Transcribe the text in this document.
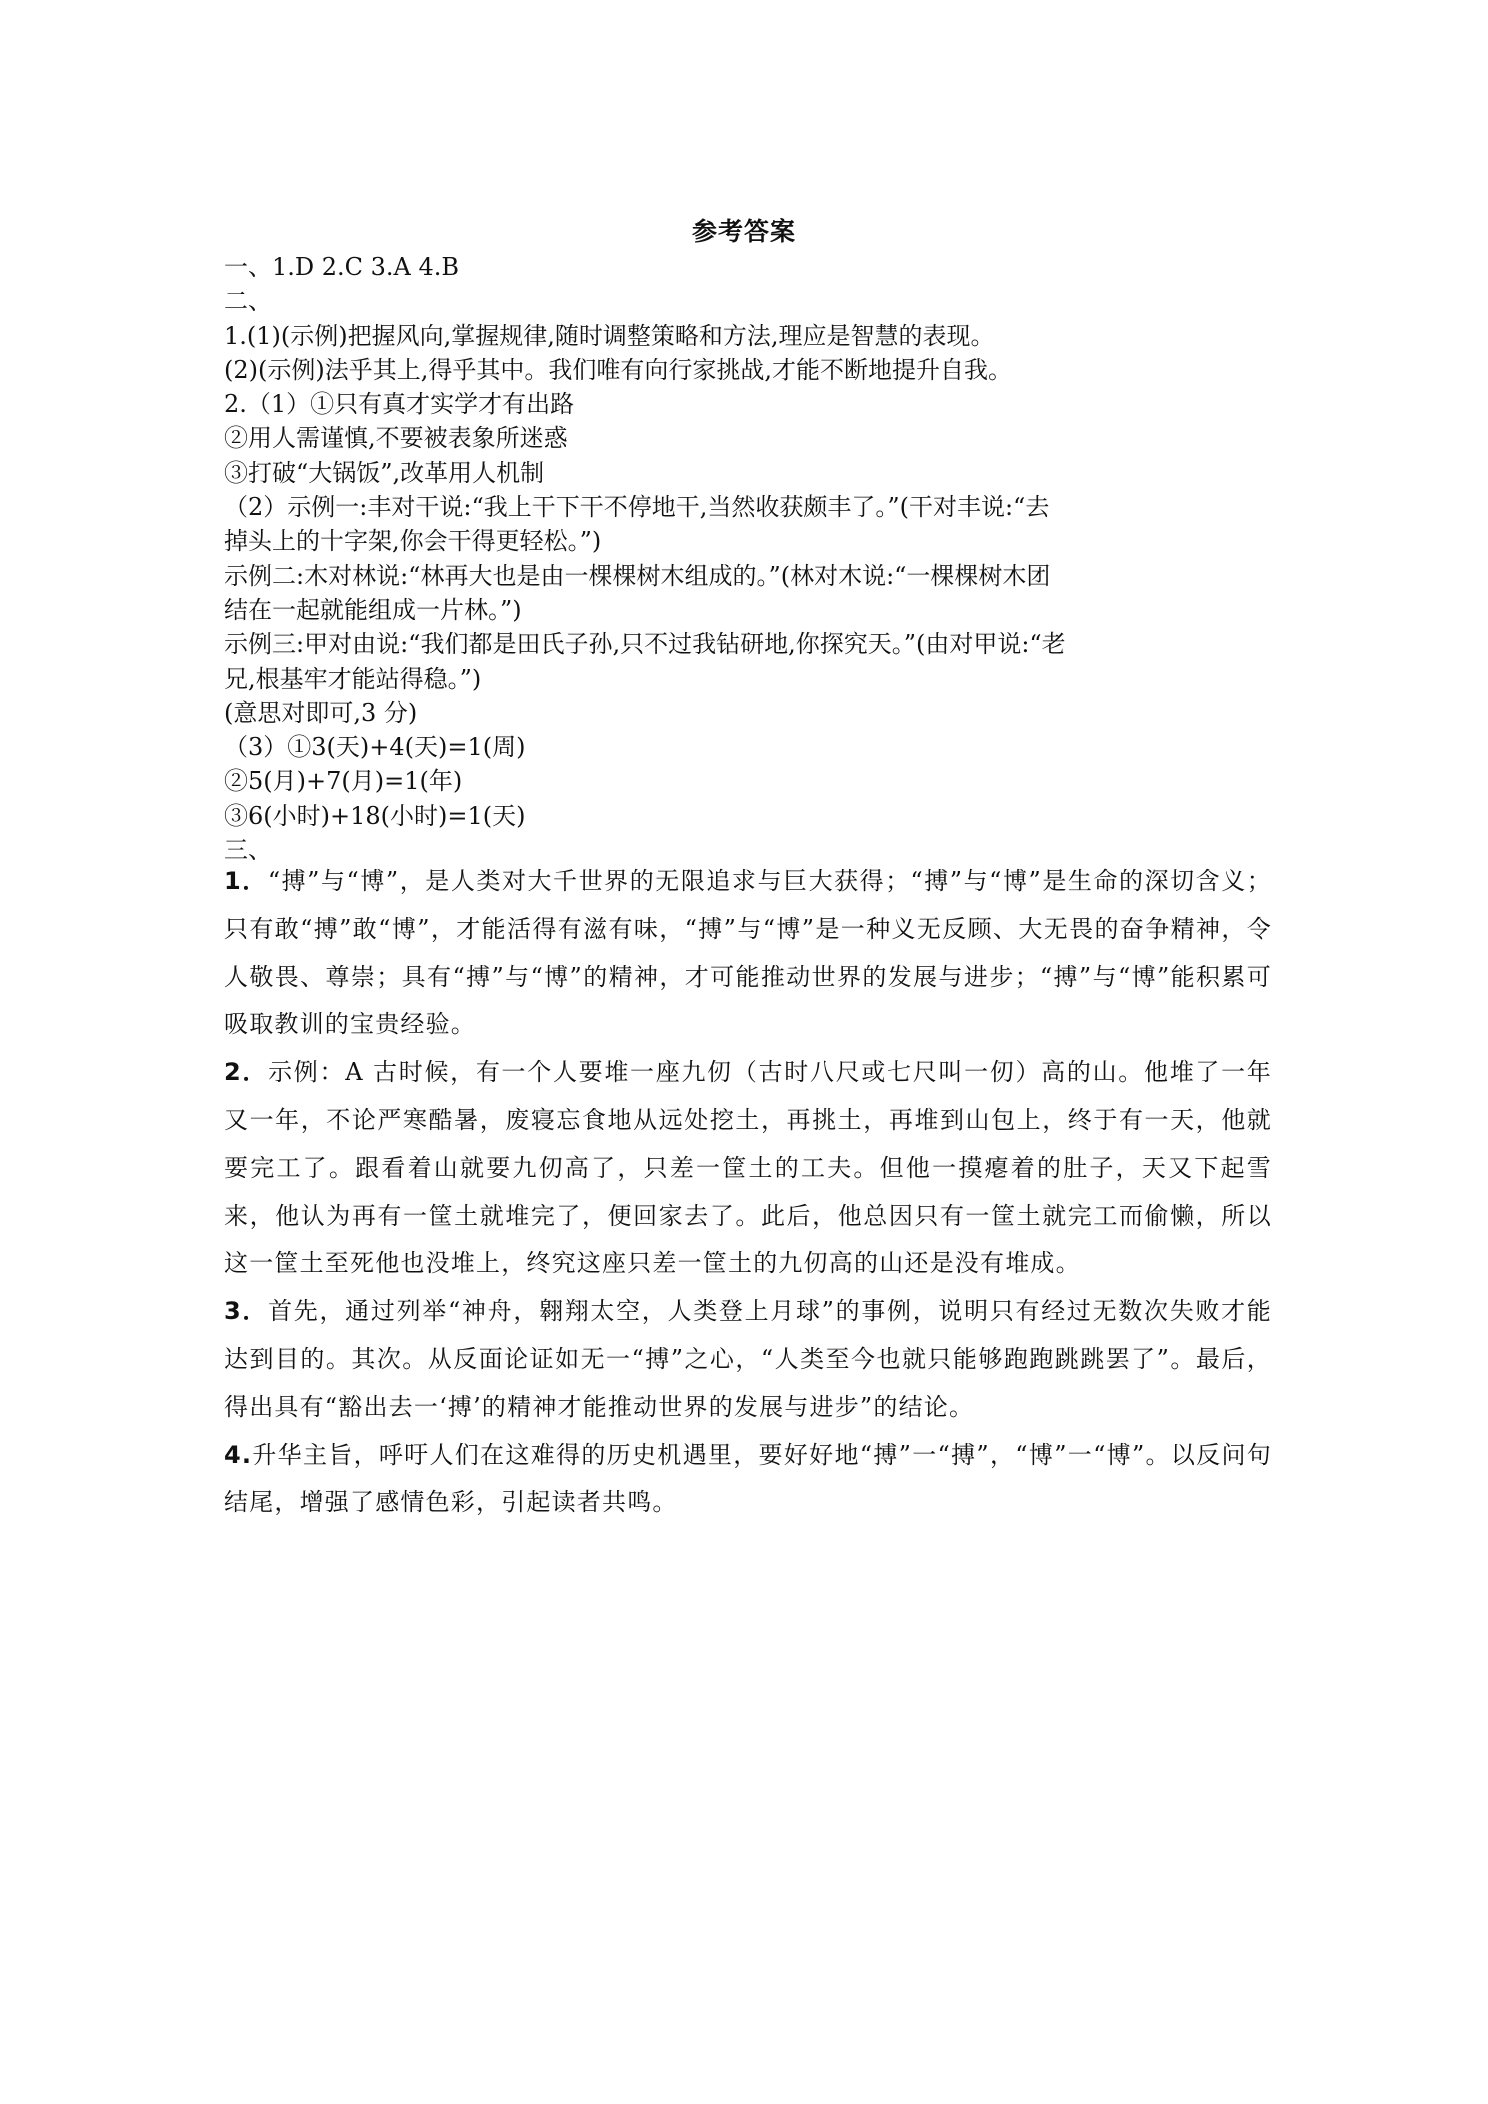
参考答案
一、1.D 2.C 3.A 4.B
二、
1.(1)(示例)把握风向,掌握规律,随时调整策略和方法,理应是智慧的表现。
(2)(示例)法乎其上,得乎其中。我们唯有向行家挑战,才能不断地提升自我。
2.（1）①只有真才实学才有出路
②用人需谨慎,不要被表象所迷惑
③打破“大锅饭”,改革用人机制
（2）示例一:丰对干说:“我上干下干不停地干,当然收获颇丰了。”(干对丰说:“去
掉头上的十字架,你会干得更轻松。”)
示例二:木对林说:“林再大也是由一棵棵树木组成的。”(林对木说:“一棵棵树木团
结在一起就能组成一片林。”)
示例三:甲对由说:“我们都是田氏子孙,只不过我钻研地,你探究天。”(由对甲说:“老
兄,根基牢才能站得稳。”)
(意思对即可,3 分)
（3）①3(天)+4(天)=1(周)
②5(月)+7(月)=1(年)
③6(小时)+18(小时)=1(天)
三、

1．“搏”与“博”，是人类对大千世界的无限追求与巨大获得；“搏”与“博”是生命的深切含义；只有敢“搏”敢“博”，才能活得有滋有味，“搏”与“博”是一种义无反顾、大无畏的奋争精神，令人敬畏、尊崇；具有“搏”与“博”的精神，才可能推动世界的发展与进步；“搏”与“博”能积累可吸取教训的宝贵经验。

2．示例：A 古时候，有一个人要堆一座九仞（古时八尺或七尺叫一仞）高的山。他堆了一年又一年，不论严寒酷暑，废寝忘食地从远处挖土，再挑土，再堆到山包上，终于有一天，他就要完工了。跟看着山就要九仞高了，只差一筐土的工夫。但他一摸瘪着的肚子，天又下起雪来，他认为再有一筐土就堆完了，便回家去了。此后，他总因只有一筐土就完工而偷懒，所以这一筐土至死他也没堆上，终究这座只差一筐土的九仞高的山还是没有堆成。

3．首先，通过列举“神舟，翱翔太空，人类登上月球”的事例，说明只有经过无数次失败才能达到目的。其次。从反面论证如无一“搏”之心，“人类至今也就只能够跑跑跳跳罢了”。最后，得出具有“豁出去一‘搏’的精神才能推动世界的发展与进步”的结论。

4.升华主旨，呼吁人们在这难得的历史机遇里，要好好地“搏”一“搏”，“博”一“博”。以反问句结尾，增强了感情色彩，引起读者共鸣。
